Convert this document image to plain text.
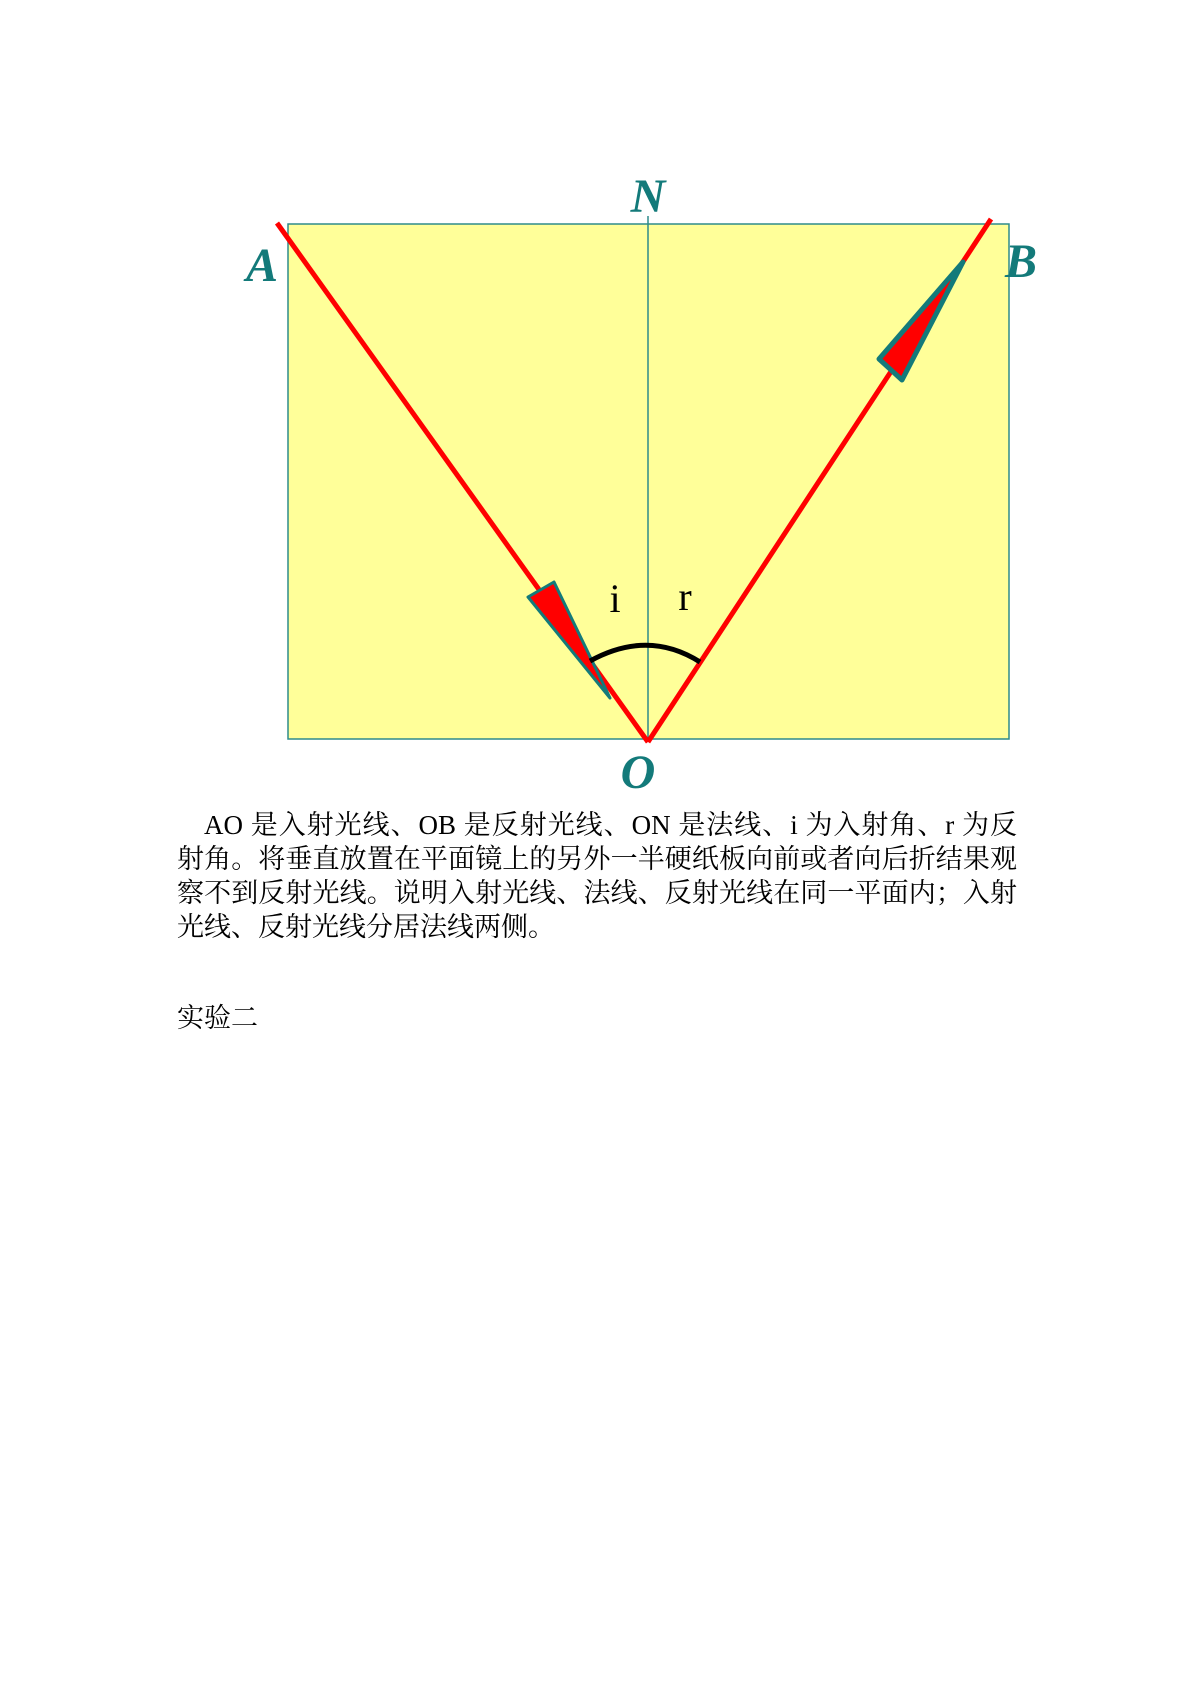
N
A	B
O
i r

AO 是入射光线、OB 是反射光线、ON 是法线、i 为入射角、r 为反射角。将垂直放置在平面镜上的另外一半硬纸板向前或者向后折结果观察不到反射光线。说明入射光线、法线、反射光线在同一平面内；入射光线、反射光线分居法线两侧。

实验二
